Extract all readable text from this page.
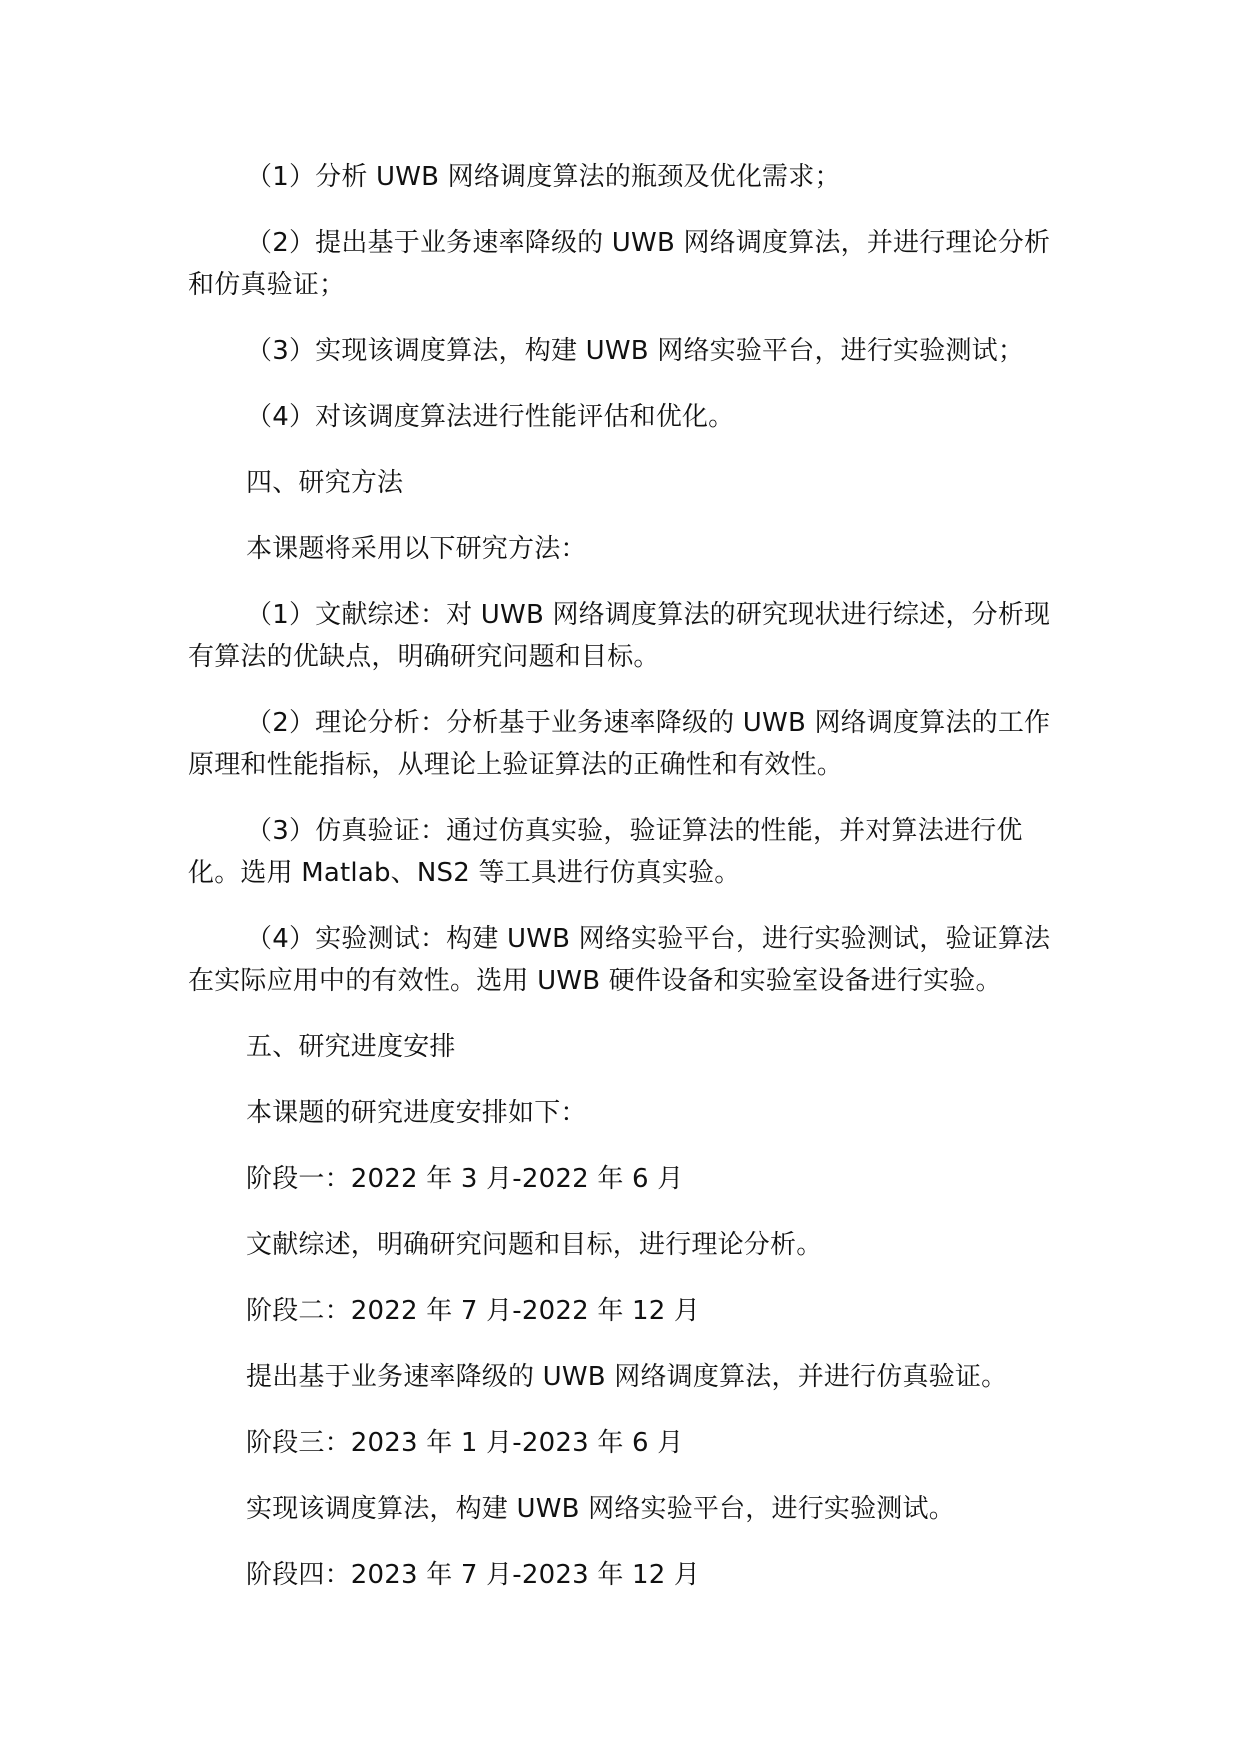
（1）分析 UWB 网络调度算法的瓶颈及优化需求；

（2）提出基于业务速率降级的 UWB 网络调度算法，并进行理论分析和仿真验证；

（3）实现该调度算法，构建 UWB 网络实验平台，进行实验测试；

（4）对该调度算法进行性能评估和优化。

四、研究方法

本课题将采用以下研究方法：

（1）文献综述：对 UWB 网络调度算法的研究现状进行综述，分析现有算法的优缺点，明确研究问题和目标。

（2）理论分析：分析基于业务速率降级的 UWB 网络调度算法的工作原理和性能指标，从理论上验证算法的正确性和有效性。

（3）仿真验证：通过仿真实验，验证算法的性能，并对算法进行优化。选用 Matlab、NS2 等工具进行仿真实验。

（4）实验测试：构建 UWB 网络实验平台，进行实验测试，验证算法在实际应用中的有效性。选用 UWB 硬件设备和实验室设备进行实验。

五、研究进度安排

本课题的研究进度安排如下：

阶段一：2022 年 3 月-2022 年 6 月

文献综述，明确研究问题和目标，进行理论分析。

阶段二：2022 年 7 月-2022 年 12 月

提出基于业务速率降级的 UWB 网络调度算法，并进行仿真验证。

阶段三：2023 年 1 月-2023 年 6 月

实现该调度算法，构建 UWB 网络实验平台，进行实验测试。

阶段四：2023 年 7 月-2023 年 12 月
